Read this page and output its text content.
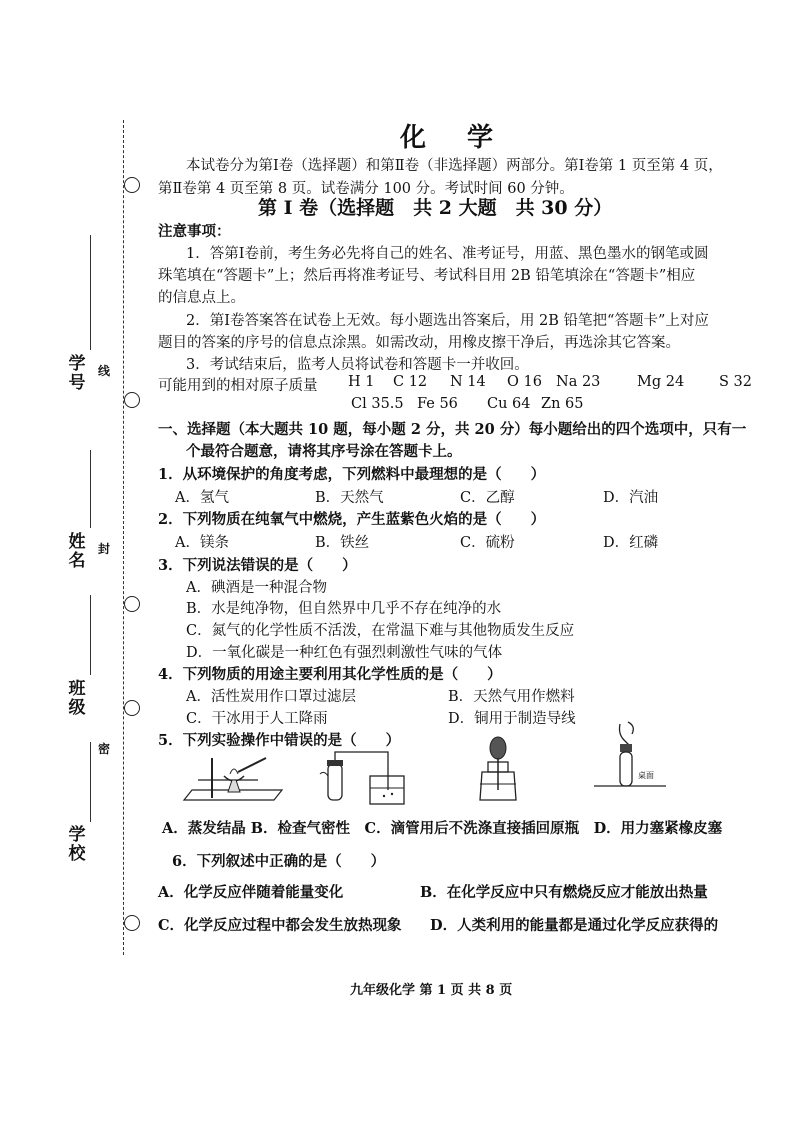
学号
姓名
班级
学校
线
封
密
化 学
本试卷分为第Ⅰ卷（选择题）和第Ⅱ卷（非选择题）两部分。第Ⅰ卷第 1 页至第 4 页，
第Ⅱ卷第 4 页至第 8 页。试卷满分 100 分。考试时间 60 分钟。
第 Ⅰ 卷（选择题　共 2 大题　共 30 分）
注意事项：
1．答第Ⅰ卷前，考生务必先将自己的姓名、准考证号，用蓝、黑色墨水的钢笔或圆
珠笔填在“答题卡”上；然后再将准考证号、考试科目用 2B 铅笔填涂在“答题卡”相应
的信息点上。
2．第Ⅰ卷答案答在试卷上无效。每小题选出答案后，用 2B 铅笔把“答题卡”上对应
题目的答案的序号的信息点涂黑。如需改动，用橡皮擦干净后，再选涂其它答案。
3．考试结束后，监考人员将试卷和答题卡一并收回。
可能用到的相对原子质量 H 1 C 12 N 14 O 16 Na 23	Mg 24 S 32
Cl 35.5 Fe 56 Cu 64 Zn 65
一、选择题（本大题共 10 题，每小题 2 分，共 20 分）每小题给出的四个选项中，只有一
个最符合题意，请将其序号涂在答题卡上。
1．从环境保护的角度考虑，下列燃料中最理想的是（　　）
A．氢气	B．天然气	C．乙醇	D．汽油
2．下列物质在纯氧气中燃烧，产生蓝紫色火焰的是（　　）
A．镁条	B．铁丝	C．硫粉	D．红磷
3．下列说法错误的是（　　）
A．碘酒是一种混合物
B．水是纯净物，但自然界中几乎不存在纯净的水
C．氮气的化学性质不活泼，在常温下难与其他物质发生反应
D．一氧化碳是一种红色有强烈刺激性气味的气体
4．下列物质的用途主要利用其化学性质的是（　　）
A．活性炭用作口罩过滤层	B．天然气用作燃料
C．干冰用于人工降雨	D．铜用于制造导线
5．下列实验操作中错误的是（　　）
桌面
A．蒸发结晶 B．检查气密性　C．滴管用后不洗涤直接插回原瓶　D．用力塞紧橡皮塞
6．下列叙述中正确的是（　　）
A．化学反应伴随着能量变化	B．在化学反应中只有燃烧反应才能放出热量
C．化学反应过程中都会发生放热现象 D．人类利用的能量都是通过化学反应获得的
九年级化学 第 1 页 共 8 页
